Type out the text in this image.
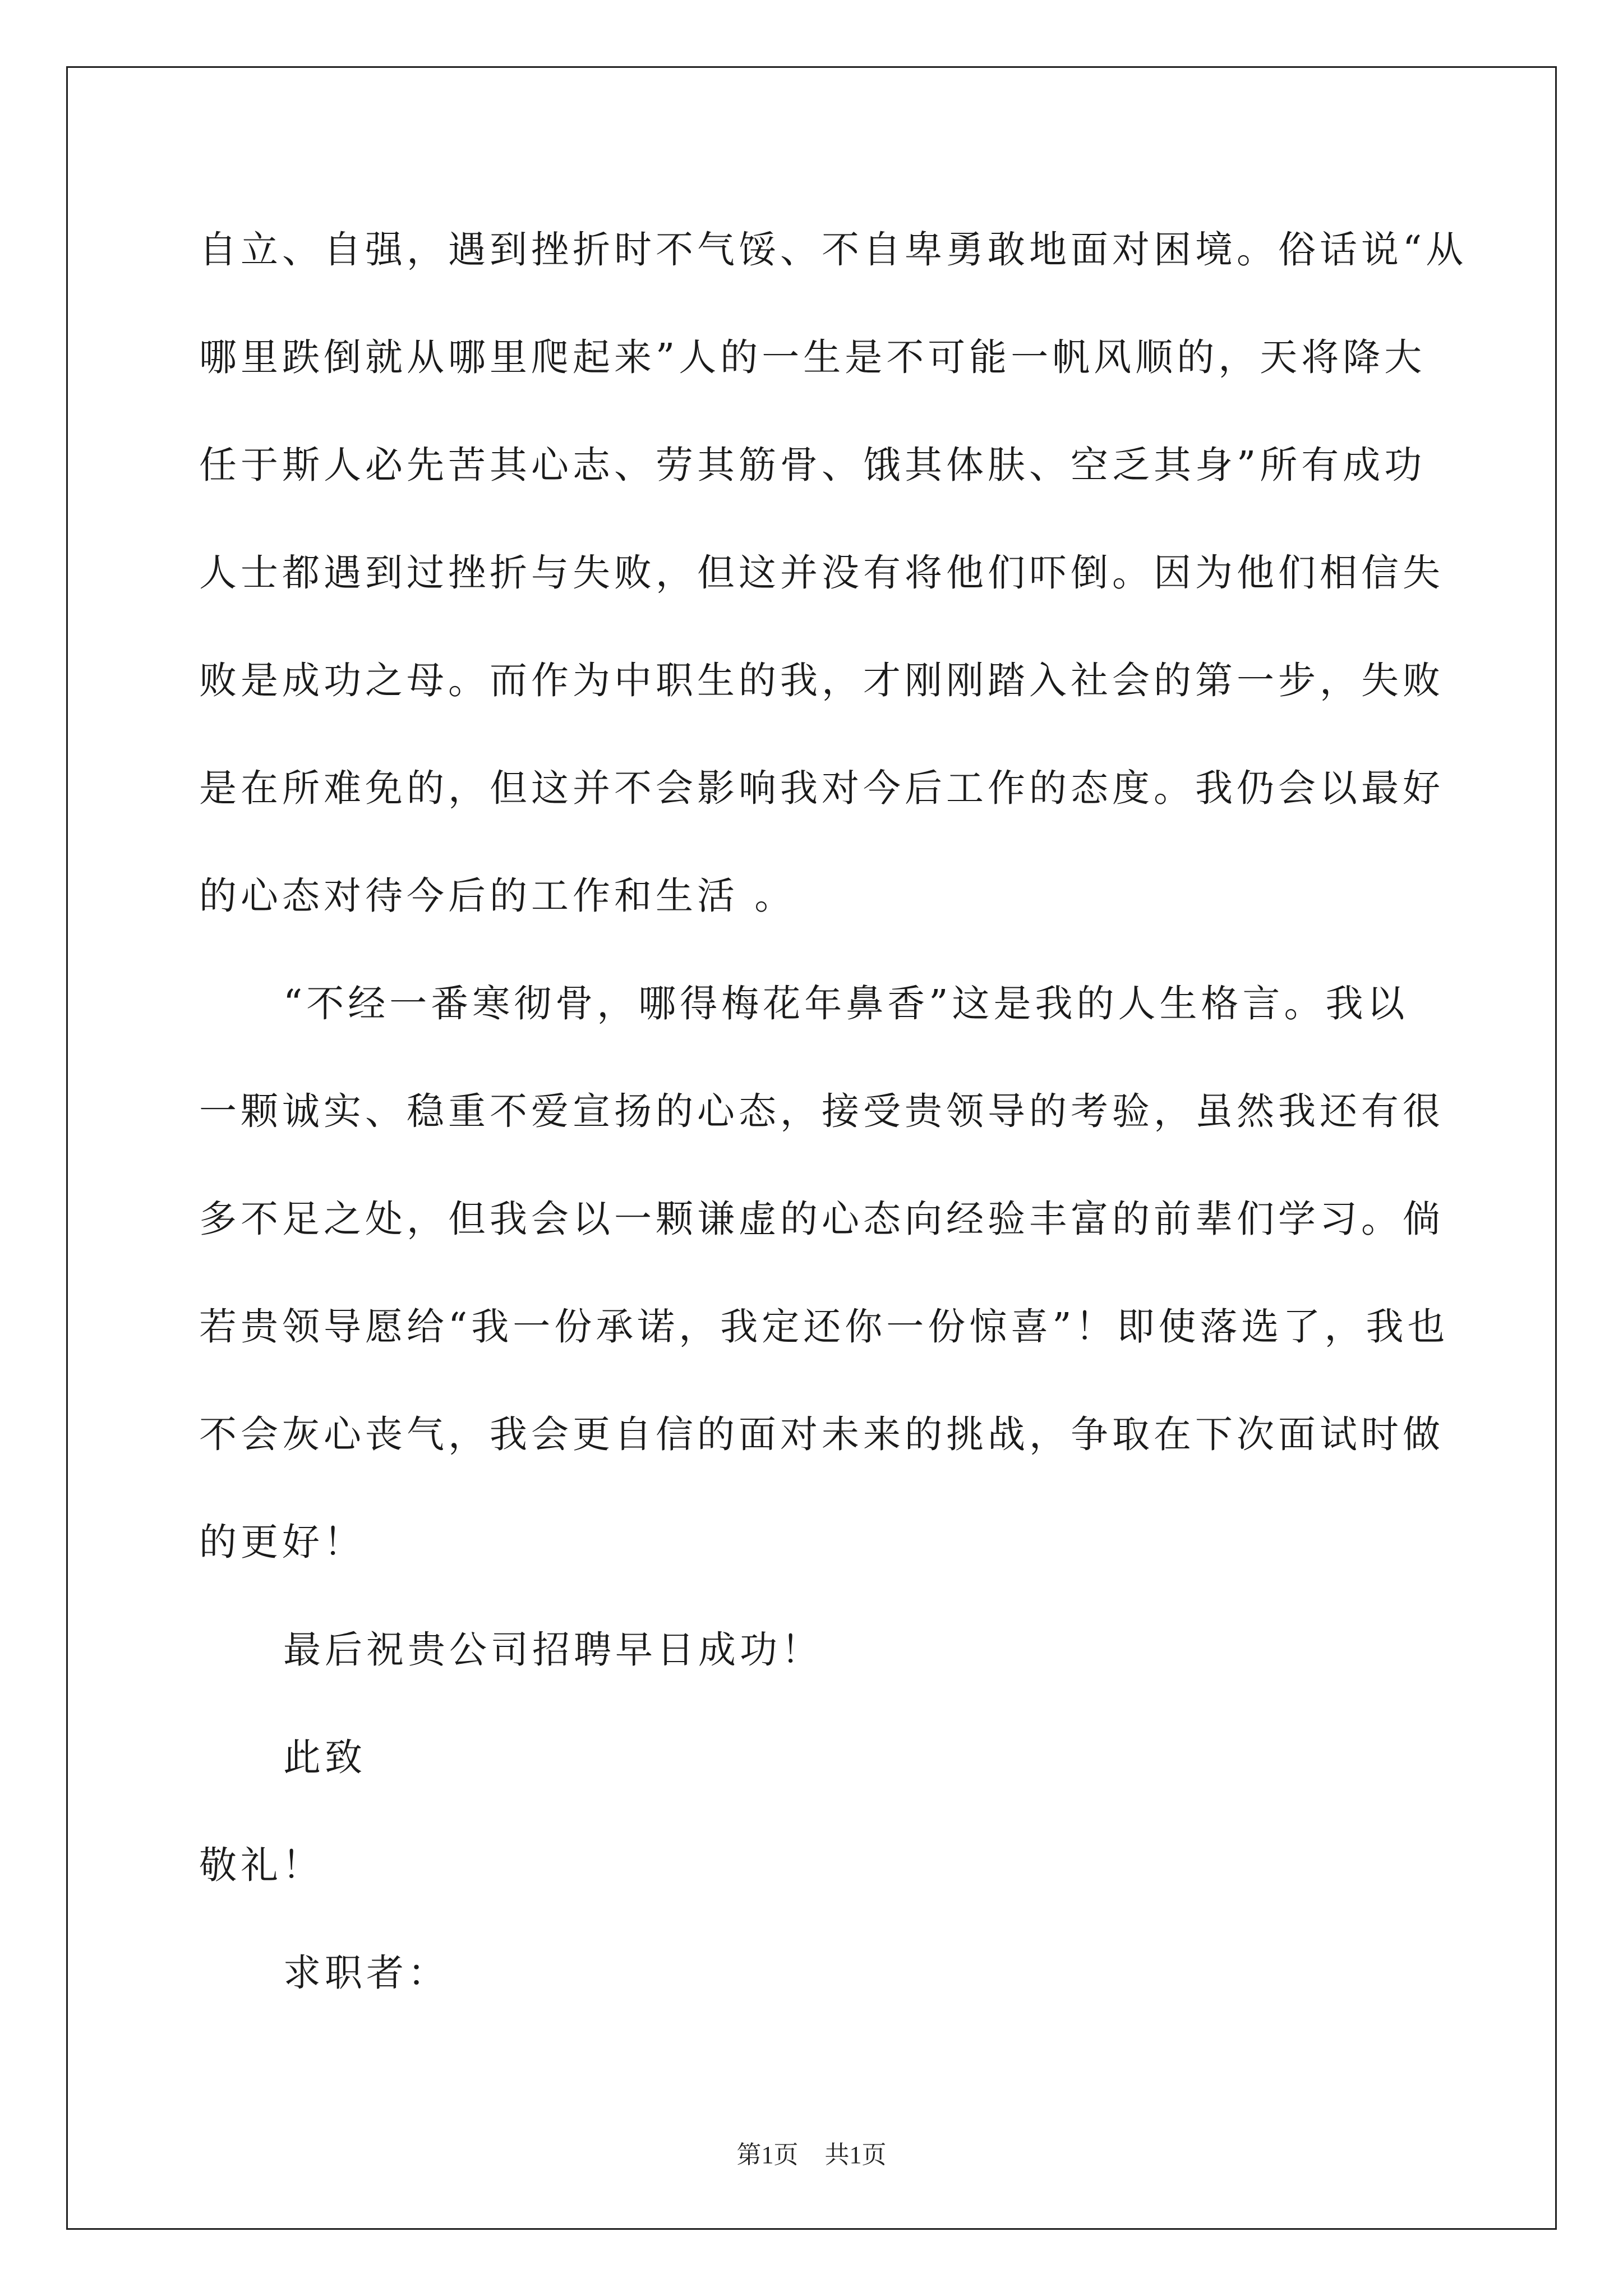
自立、自强，遇到挫折时不气馁、不自卑勇敢地面对困境。俗话说“从
哪里跌倒就从哪里爬起来”人的一生是不可能一帆风顺的，天将降大
任于斯人必先苦其心志、劳其筋骨、饿其体肤、空乏其身”所有成功
人士都遇到过挫折与失败，但这并没有将他们吓倒。因为他们相信失
败是成功之母。而作为中职生的我，才刚刚踏入社会的第一步，失败
是在所难免的，但这并不会影响我对今后工作的态度。我仍会以最好
的心态对待今后的工作和生活 。
“不经一番寒彻骨，哪得梅花年鼻香”这是我的人生格言。我以
一颗诚实、稳重不爱宣扬的心态，接受贵领导的考验，虽然我还有很
多不足之处，但我会以一颗谦虚的心态向经验丰富的前辈们学习。倘
若贵领导愿给“我一份承诺，我定还你一份惊喜”！即使落选了，我也
不会灰心丧气，我会更自信的面对未来的挑战，争取在下次面试时做
的更好！
最后祝贵公司招聘早日成功！
此致
敬礼！
求职者：
第1页 共1页
